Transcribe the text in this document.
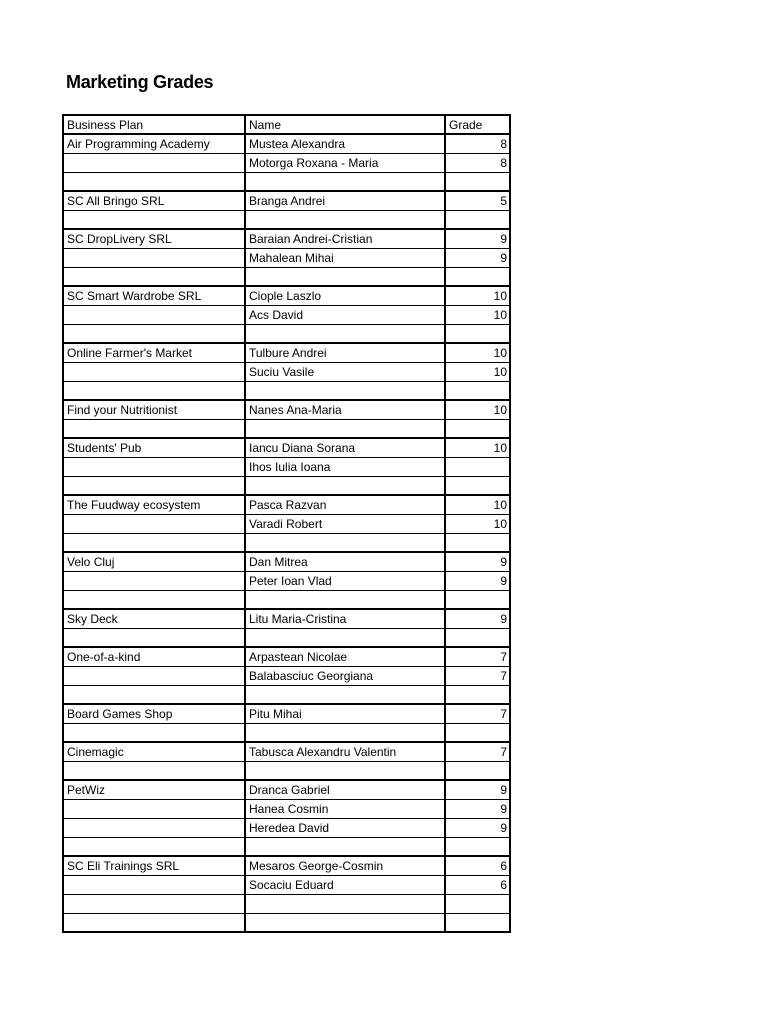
Marketing Grades
Business Plan	Name	Grade
Air Programming Academy	Mustea Alexandra	8
	Motorga Roxana - Maria	8

SC All Bringo SRL	Branga Andrei	5

SC DropLivery SRL	Baraian Andrei-Cristian	9
	Mahalean Mihai	9

SC Smart Wardrobe SRL	Ciople Laszlo	10
	Acs David	10

Online Farmer's Market	Tulbure Andrei	10
	Suciu Vasile	10

Find your Nutritionist	Nanes Ana-Maria	10

Students' Pub	Iancu Diana Sorana	10
	Ihos Iulia Ioana	

The Fuudway ecosystem	Pasca Razvan	10
	Varadi Robert	10

Velo Cluj	Dan Mitrea	9
	Peter Ioan Vlad	9

Sky Deck	Litu Maria-Cristina	9

One-of-a-kind	Arpastean Nicolae	7
	Balabasciuc Georgiana	7

Board Games Shop	Pitu Mihai	7

Cinemagic	Tabusca Alexandru Valentin	7

PetWiz	Dranca Gabriel	9
	Hanea Cosmin	9
	Heredea David	9

SC Eli Trainings SRL	Mesaros George-Cosmin	6
	Socaciu Eduard	6
